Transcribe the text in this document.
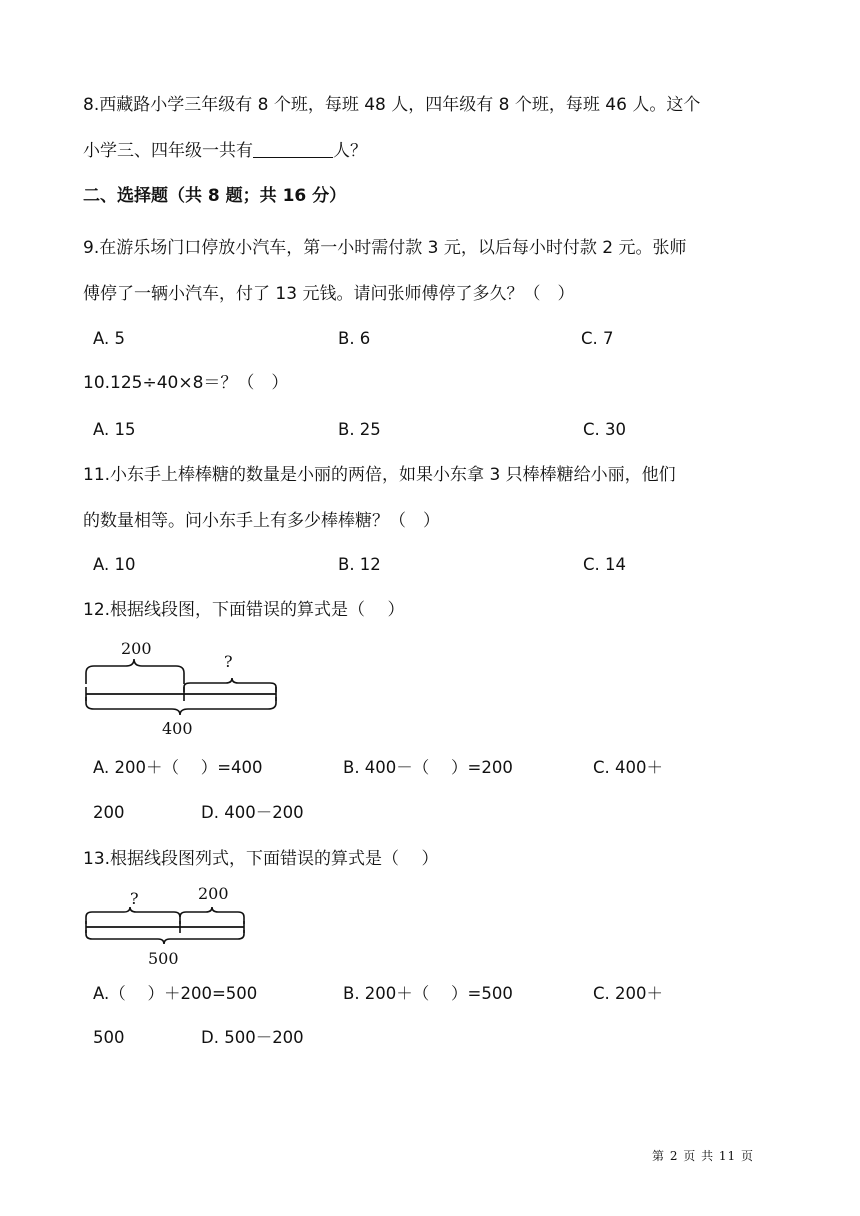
8.西藏路小学三年级有 8 个班，每班 48 人，四年级有 8 个班，每班 46 人。这个
小学三、四年级一共有	人？
二、选择题（共 8 题；共 16 分）
9.在游乐场门口停放小汽车，第一小时需付款 3 元，以后每小时付款 2 元。张师
傅停了一辆小汽车，付了 13 元钱。请问张师傅停了多久？（　）
A. 5	B. 6	C. 7
10.125÷40×8＝？（　）
A. 15	B. 25	C. 30
11.小东手上棒棒糖的数量是小丽的两倍，如果小东拿 3 只棒棒糖给小丽，他们
的数量相等。问小东手上有多少棒棒糖？（　）
A. 10	B. 12	C. 14
12.根据线段图，下面错误的算式是（　 ）
200
?
400
A. 200＋（　 ）=400	B. 400－（　 ）=200	C. 400＋
200	D. 400－200
13.根据线段图列式，下面错误的算式是（　 ）
?	200
500
A.（　 ）＋200=500	B. 200＋（　 ）=500	C. 200＋
500	D. 500－200
第 2 页 共 11 页
